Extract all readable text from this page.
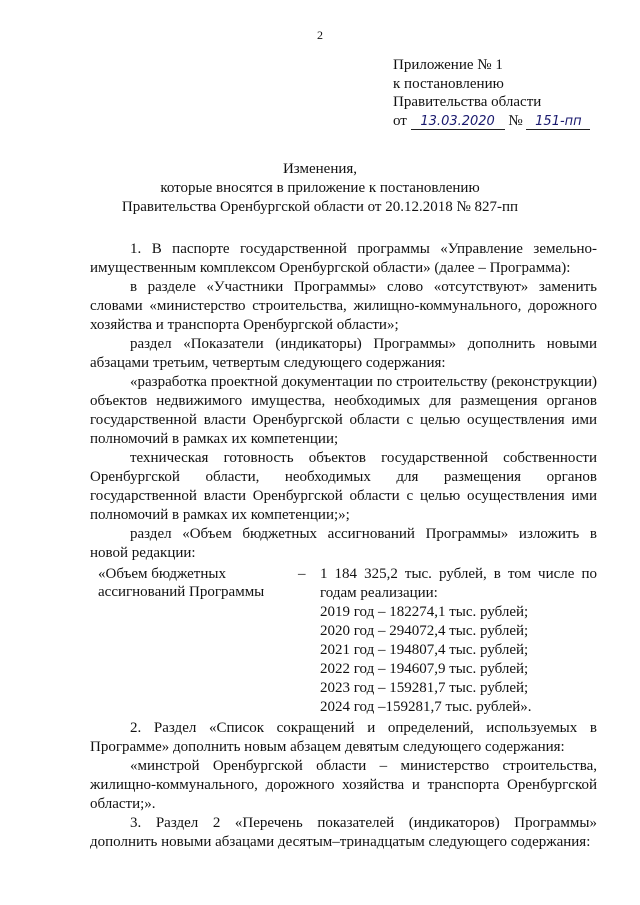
2
Приложение № 1
к постановлению
Правительства области
от 13.03.2020 № 151-пп
Изменения,
которые вносятся в приложение к постановлению
Правительства Оренбургской области от 20.12.2018 № 827-пп

1. В паспорте государственной программы «Управление земельно-имущественным комплексом Оренбургской области» (далее – Программа):

в разделе «Участники Программы» слово «отсутствуют» заменить словами «министерство строительства, жилищно-коммунального, дорожного хозяйства и транспорта Оренбургской области»;

раздел «Показатели (индикаторы) Программы» дополнить новыми абзацами третьим, четвертым следующего содержания:

«разработка проектной документации по строительству (реконструкции) объектов недвижимого имущества, необходимых для размещения органов государственной власти Оренбургской области с целью осуществления ими полномочий в рамках их компетенции;

техническая готовность объектов государственной собственности Оренбургской области, необходимых для размещения органов государственной власти Оренбургской области с целью осуществления ими полномочий в рамках их компетенции;»;

раздел «Объем бюджетных ассигнований Программы» изложить в новой редакции:

«Объем бюджетных
ассигнований Программы
– 1 184 325,2 тыс. рублей, в том числе по годам реализации:
2019 год – 182274,1 тыс. рублей;
2020 год – 294072,4 тыс. рублей;
2021 год – 194807,4 тыс. рублей;
2022 год – 194607,9 тыс. рублей;
2023 год – 159281,7 тыс. рублей;
2024 год –159281,7 тыс. рублей».

2. Раздел «Список сокращений и определений, используемых в Программе» дополнить новым абзацем девятым следующего содержания:

«минстрой Оренбургской области – министерство строительства, жилищно-коммунального, дорожного хозяйства и транспорта Оренбургской области;».

3. Раздел 2 «Перечень показателей (индикаторов) Программы» дополнить новыми абзацами десятым–тринадцатым следующего содержания:
